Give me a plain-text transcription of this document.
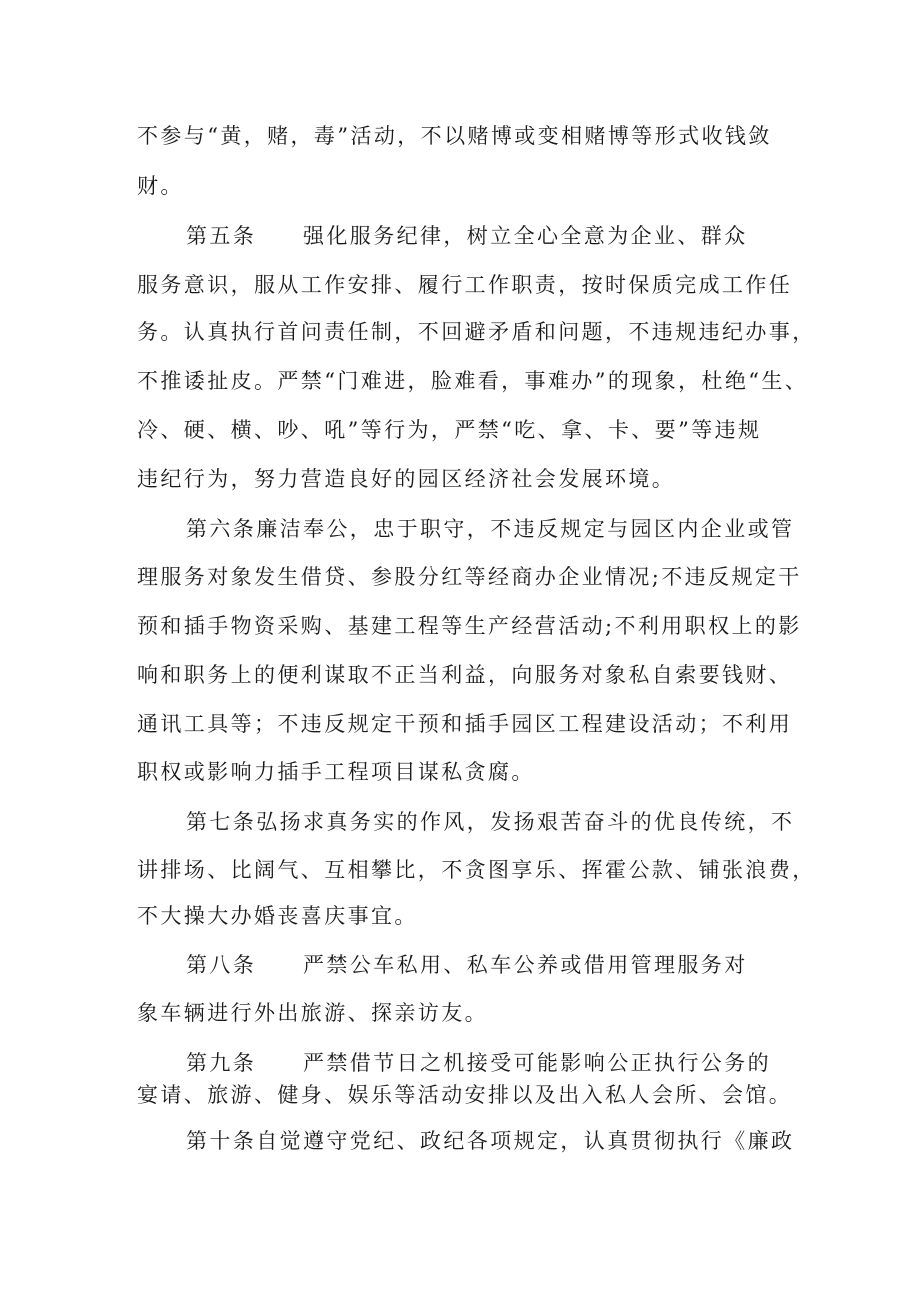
不参与“黄，赌，毒”活动，不以赌博或变相赌博等形式收钱敛
财。
第五条　　强化服务纪律，树立全心全意为企业、群众
服务意识，服从工作安排、履行工作职责，按时保质完成工作任
务。认真执行首问责任制，不回避矛盾和问题，不违规违纪办事，
不推诿扯皮。严禁“门难进，脸难看，事难办”的现象，杜绝“生、
冷、硬、横、吵、吼”等行为，严禁“吃、拿、卡、要”等违规
违纪行为，努力营造良好的园区经济社会发展环境。
第六条廉洁奉公，忠于职守，不违反规定与园区内企业或管
理服务对象发生借贷、参股分红等经商办企业情况;不违反规定干
预和插手物资采购、基建工程等生产经营活动;不利用职权上的影
响和职务上的便利谋取不正当利益，向服务对象私自索要钱财、
通讯工具等；不违反规定干预和插手园区工程建设活动；不利用
职权或影响力插手工程项目谋私贪腐。
第七条弘扬求真务实的作风，发扬艰苦奋斗的优良传统，不
讲排场、比阔气、互相攀比，不贪图享乐、挥霍公款、铺张浪费，
不大操大办婚丧喜庆事宜。
第八条　　严禁公车私用、私车公养或借用管理服务对
象车辆进行外出旅游、探亲访友。
第九条　　严禁借节日之机接受可能影响公正执行公务的
宴请、旅游、健身、娱乐等活动安排以及出入私人会所、会馆。
第十条自觉遵守党纪、政纪各项规定，认真贯彻执行《廉政
